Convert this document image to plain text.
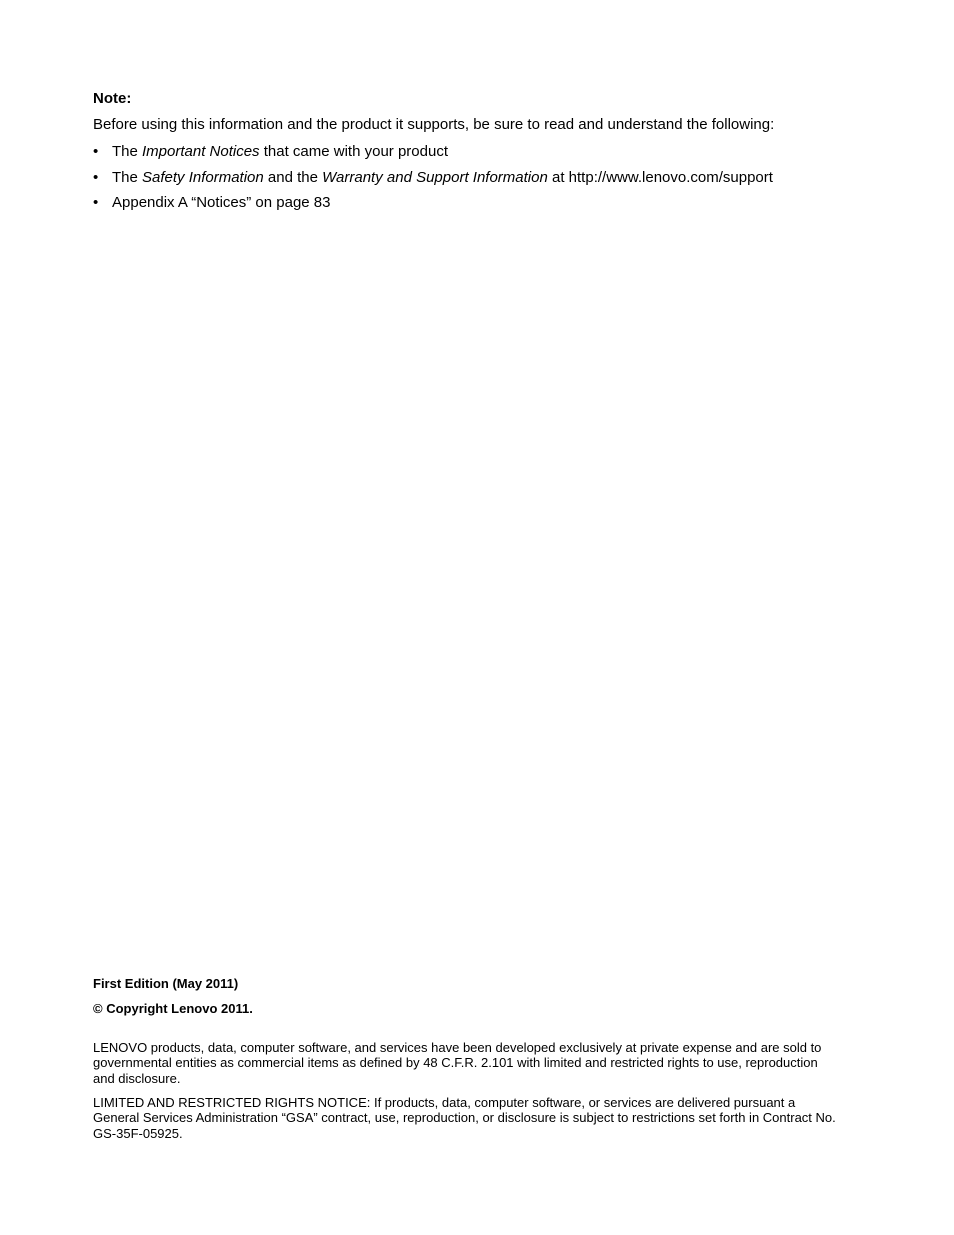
Note:
Before using this information and the product it supports, be sure to read and understand the following:
• The Important Notices that came with your product
• The Safety Information and the Warranty and Support Information at http://www.lenovo.com/support
• Appendix A “Notices” on page 83
First Edition (May 2011)
© Copyright Lenovo 2011.
LENOVO products, data, computer software, and services have been developed exclusively at private expense and are sold to governmental entities as commercial items as defined by 48 C.F.R. 2.101 with limited and restricted rights to use, reproduction and disclosure.
LIMITED AND RESTRICTED RIGHTS NOTICE: If products, data, computer software, or services are delivered pursuant a General Services Administration “GSA” contract, use, reproduction, or disclosure is subject to restrictions set forth in Contract No. GS-35F-05925.
